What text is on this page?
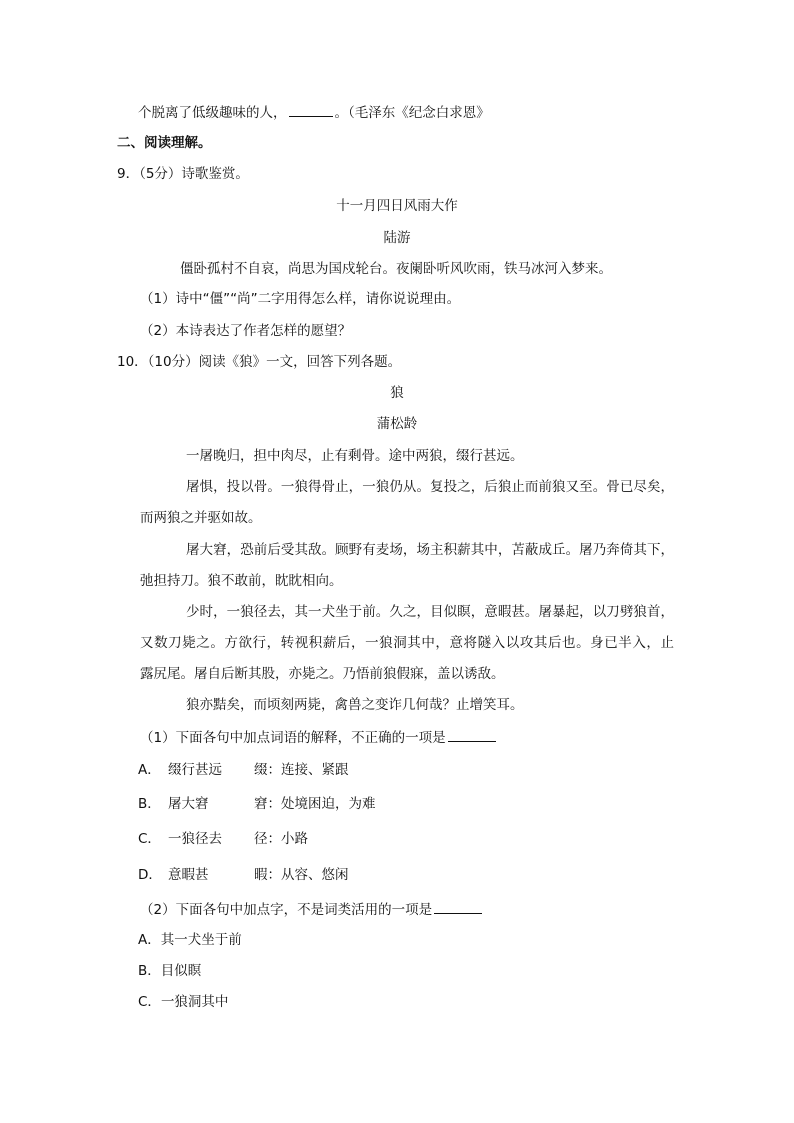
个脱离了低级趣味的人，	。（毛泽东《纪念白求恩》
二、阅读理解。
9．（5分）诗歌鉴赏。
十一月四日风雨大作
陆游
僵卧孤村不自哀，尚思为国戍轮台。夜阑卧听风吹雨，铁马冰河入梦来。
（1）诗中“僵”“尚”二字用得怎么样，请你说说理由。
（2）本诗表达了作者怎样的愿望？
10．（10分）阅读《狼》一文，回答下列各题。
狼
蒲松龄
一屠晚归，担中肉尽，止有剩骨。途中两狼，缀行甚远。
屠惧，投以骨。一狼得骨止，一狼仍从。复投之，后狼止而前狼又至。骨已尽矣，
而两狼之并驱如故。
屠大窘，恐前后受其敌。顾野有麦场，场主积薪其中，苫蔽成丘。屠乃奔倚其下，
弛担持刀。狼不敢前，眈眈相向。
少时，一狼径去，其一犬坐于前。久之，目似瞑，意暇甚。屠暴起，以刀劈狼首，
又数刀毙之。方欲行，转视积薪后，一狼洞其中，意将隧入以攻其后也。身已半入，止
露尻尾。屠自后断其股，亦毙之。乃悟前狼假寐，盖以诱敌。
狼亦黠矣，而顷刻两毙，禽兽之变诈几何哉？止增笑耳。
（1）下面各句中加点词语的解释，不正确的一项是
A． 缀行甚远 缀：连接、紧跟
B． 屠大窘	窘：处境困迫，为难
C． 一狼径去 径：小路
D． 意暇甚	暇：从容、悠闲
（2）下面各句中加点字，不是词类活用的一项是
A．其一犬坐于前
B．目似瞑
C．一狼洞其中
